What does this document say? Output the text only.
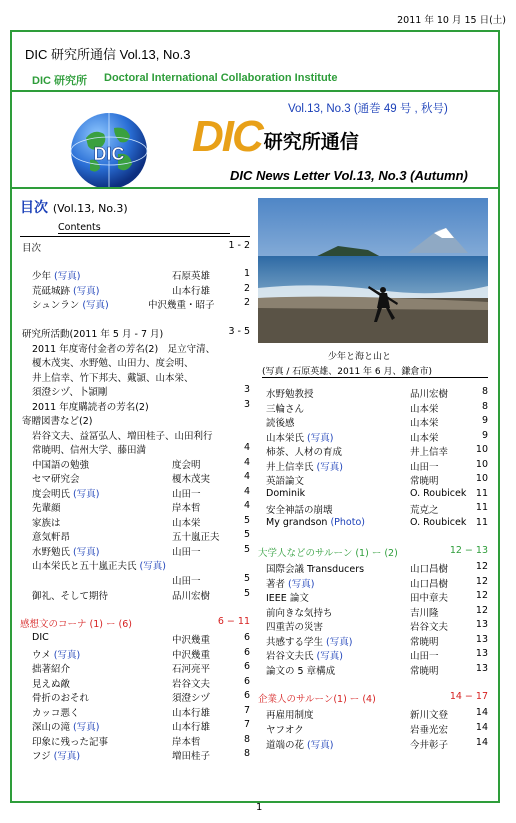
2011 年 10 月 15 日(土)
DIC 研究所通信 Vol.13, No.3
DIC 研究所 Doctoral International Collaboration Institute
Vol.13, No.3 (通巻 49 号 , 秋号)
DIC DIC 研究所通信
DIC News Letter Vol.13, No.3 (Autumn)
目次 (Vol.13, No.3)
Contents
少年と海と山と
(写真 / 石原英雄、2011 年 6 月、鎌倉市)
目次	1 - 2
少年 (写真)	石原英雄	1
荒砥城跡 (写真)	山本行雄	2
シュンラン (写真)	中沢幾重・昭子	2
研究所活動(2011 年 5 月 - 7 月)	3 - 5
2011 年度寄付金者の芳名(2)　足立守清、
榎木茂実、水野勉、山田力、度会明、
井上信幸、竹下邦夫、戴頴、山本栄、
須澄シヅ、卜頴剛	3
2011 年度購読者の芳名(2)	3
寄贈図書など(2)
岩谷文夫、益冨弘人、増田桂子、山田利行
常暁明、信州大学、藤田満	4
中国語の勉強	度会明	4
セマ研究会	榎木茂実	4
度会明氏 (写真)	山田一	4
先輩顔	岸本哲	4
家族は	山本栄	5
意気軒昂	五十嵐正夫	5
水野勉氏 (写真)	山田一	5
山本栄氏と五十嵐正夫氏 (写真)
山田一	5
御礼、そして期待	品川宏樹	5
感想文のコーナ (1) ー (6)	6 − 11
DIC	中沢幾重	6
ウメ (写真)	中沢幾重	6
拙著紹介	石河亮平	6
見えぬ敵	岩谷文夫	6
骨折のおそれ	須澄シヅ	6
カッコ悪く	山本行雄	7
深山の滝 (写真)	山本行雄	7
印象に残った記事	岸本哲	8
フジ (写真)	増田桂子	8
水野勉教授	品川宏樹	8
三輪さん	山本栄	8
読後感	山本栄	9
山本栄氏 (写真)	山本栄	9
柿茶、人材の育成	井上信幸	10
井上信幸氏 (写真)	山田一	10
英語論文	常暁明	10
Dominik	O. Roubicek 11
安全神話の崩壊	荒克之	11
My grandson (Photo)	O. Roubicek 11
大学人などのサルーン (1) ー (2)	12 − 13
国際会議 Transducers	山口昌樹	12
著者 (写真)	山口昌樹	12
IEEE 論文	田中章夫	12
前向きな気持ち	吉川隆	12
四重苦の災害	岩谷文夫	13
共感する学生 (写真)	常暁明	13
岩谷文夫氏 (写真)	山田一	13
論文の 5 章構成	常暁明	13
企業人のサルーン(1) ー (4)	14 − 17
再雇用制度	新川文登	14
ヤフオク	岩垂光宏	14
道端の花 (写真)	今井彰子	14
1
